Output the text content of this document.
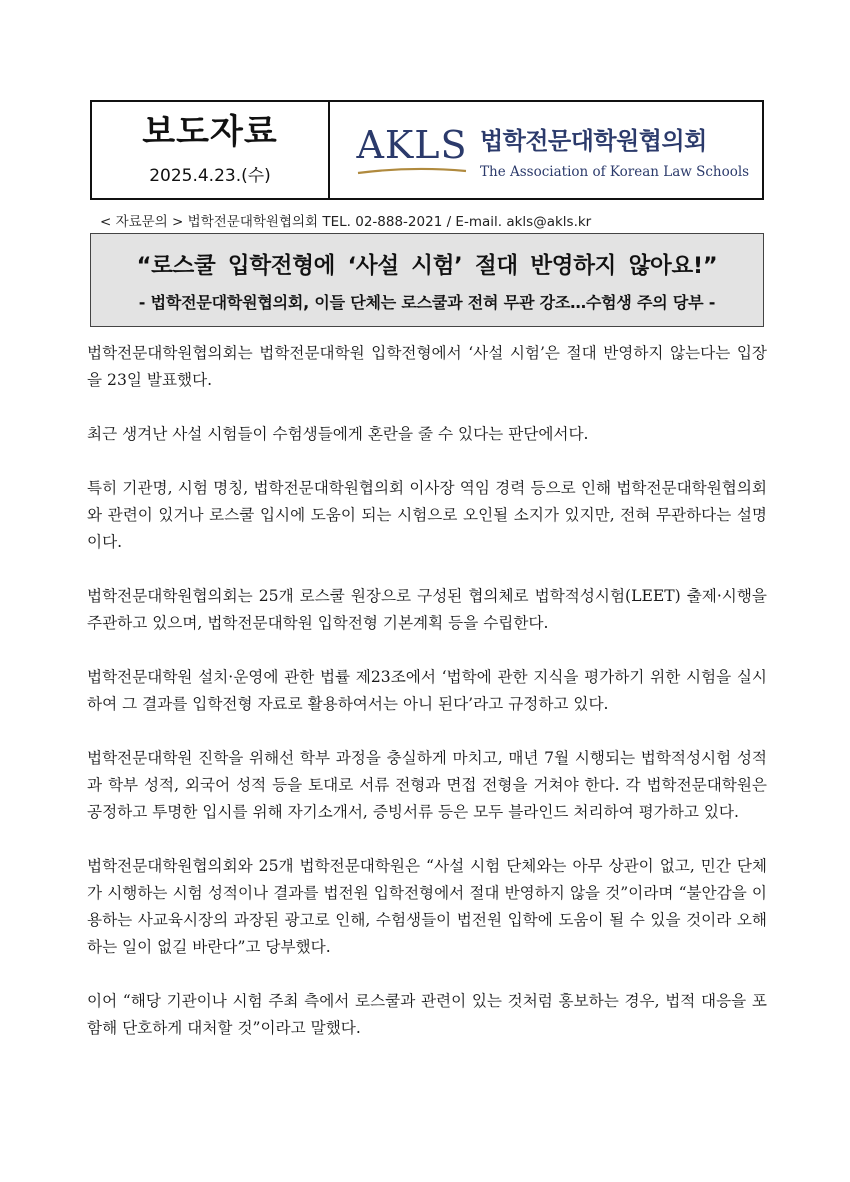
보도자료
2025.4.23.(수)
AKLS 법학전문대학원협의회
The Association of Korean Law Schools
< 자료문의 > 법학전문대학원협의회 TEL. 02-888-2021 / E-mail. akls@akls.kr
“로스쿨 입학전형에 ‘사설 시험’ 절대 반영하지 않아요!”
- 법학전문대학원협의회, 이들 단체는 로스쿨과 전혀 무관 강조…수험생 주의 당부 -

법학전문대학원협의회는 법학전문대학원 입학전형에서 ‘사설 시험’은 절대 반영하지 않는다는 입장을 23일 발표했다.

최근 생겨난 사설 시험들이 수험생들에게 혼란을 줄 수 있다는 판단에서다.

특히 기관명, 시험 명칭, 법학전문대학원협의회 이사장 역임 경력 등으로 인해 법학전문대학원협의회와 관련이 있거나 로스쿨 입시에 도움이 되는 시험으로 오인될 소지가 있지만, 전혀 무관하다는 설명이다.

법학전문대학원협의회는 25개 로스쿨 원장으로 구성된 협의체로 법학적성시험(LEET) 출제·시행을 주관하고 있으며, 법학전문대학원 입학전형 기본계획 등을 수립한다.

법학전문대학원 설치·운영에 관한 법률 제23조에서 ‘법학에 관한 지식을 평가하기 위한 시험을 실시하여 그 결과를 입학전형 자료로 활용하여서는 아니 된다’라고 규정하고 있다.

법학전문대학원 진학을 위해선 학부 과정을 충실하게 마치고, 매년 7월 시행되는 법학적성시험 성적과 학부 성적, 외국어 성적 등을 토대로 서류 전형과 면접 전형을 거쳐야 한다. 각 법학전문대학원은 공정하고 투명한 입시를 위해 자기소개서, 증빙서류 등은 모두 블라인드 처리하여 평가하고 있다.

법학전문대학원협의회와 25개 법학전문대학원은 “사설 시험 단체와는 아무 상관이 없고, 민간 단체가 시행하는 시험 성적이나 결과를 법전원 입학전형에서 절대 반영하지 않을 것”이라며 “불안감을 이용하는 사교육시장의 과장된 광고로 인해, 수험생들이 법전원 입학에 도움이 될 수 있을 것이라 오해하는 일이 없길 바란다”고 당부했다.

이어 “해당 기관이나 시험 주최 측에서 로스쿨과 관련이 있는 것처럼 홍보하는 경우, 법적 대응을 포함해 단호하게 대처할 것”이라고 말했다.
